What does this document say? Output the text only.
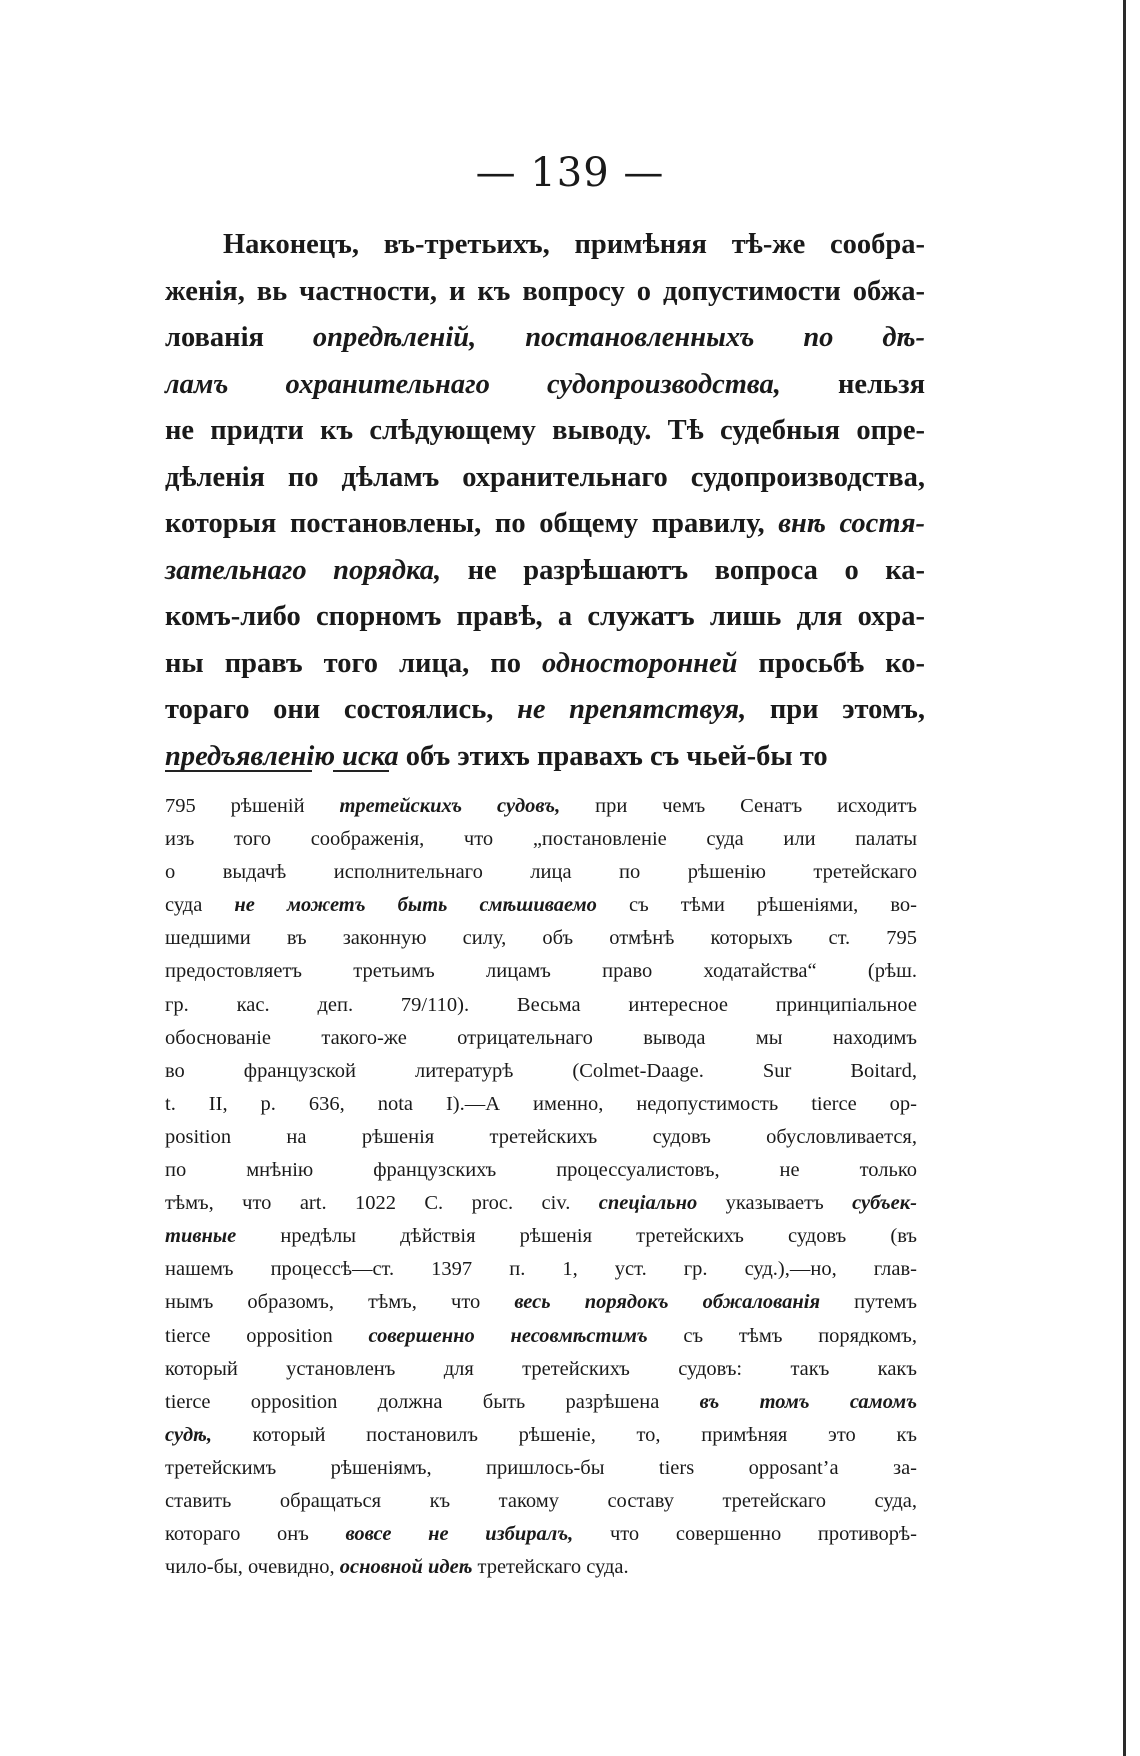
— 139 —
Наконецъ, въ-третьихъ, примѣняя тѣ-же сообра-
женія, вь частности, и къ вопросу о допустимости обжа-
лованія опредѣленій, постановленныхъ по дѣ-
ламъ охранительнаго судопроизводства, нельзя
не придти къ слѣдующему выводу. Тѣ судебныя опре-
дѣленія по дѣламъ охранительнаго судопроизводства,
которыя постановлены, по общему правилу, внѣ состя-
зательнаго порядка, не разрѣшаютъ вопроса о ка-
комъ-либо спорномъ правѣ, а служатъ лишь для охра-
ны правъ того лица, по односторонней просьбѣ ко-
тораго они состоялись, не препятствуя, при этомъ,
предъявленію иска объ этихъ правахъ съ чьей-бы то
795 рѣшеній третейскихъ судовъ, при чемъ Сенатъ исходитъ
изъ того соображенія, что „постановленіе суда или палаты
о выдачѣ исполнительнаго лица по рѣшенію третейскаго
суда не можетъ быть смѣшиваемо съ тѣми рѣшеніями, во-
шедшими въ законную силу, объ отмѣнѣ которыхъ ст. 795
предостовляетъ третьимъ лицамъ право ходатайства“ (рѣш.
гр. кас. деп. 79/110). Весьма интересное принципіальное
обоснованіе такого-же отрицательнаго вывода мы находимъ
во французской литературѣ (Colmet-Daage. Sur Boitard,
t. II, p. 636, nota I).—А именно, недопустимость tierce op-
position на рѣшенія третейскихъ судовъ обусловливается,
по мнѣнію французскихъ процессуалистовъ, не только
тѣмъ, что art. 1022 C. proc. civ. спеціально указываетъ субъек-
тивные нредѣлы дѣйствія рѣшенія третейскихъ судовъ (въ
нашемъ процессѣ—ст. 1397 п. 1, уст. гр. суд.),—но, глав-
нымъ образомъ, тѣмъ, что весь порядокъ обжалованія путемъ
tierce opposition совершенно несовмѣстимъ съ тѣмъ порядкомъ,
который установленъ для третейскихъ судовъ: такъ какъ
tierce opposition должна быть разрѣшена въ томъ самомъ
судѣ, который постановилъ рѣшеніе, то, примѣняя это къ
третейскимъ рѣшеніямъ, пришлось-бы tiers opposant’a за-
ставить обращаться къ такому составу третейскаго суда,
котораго онъ вовсе не избиралъ, что совершенно противорѣ-
чило-бы, очевидно, основной идеѣ третейскаго суда.
